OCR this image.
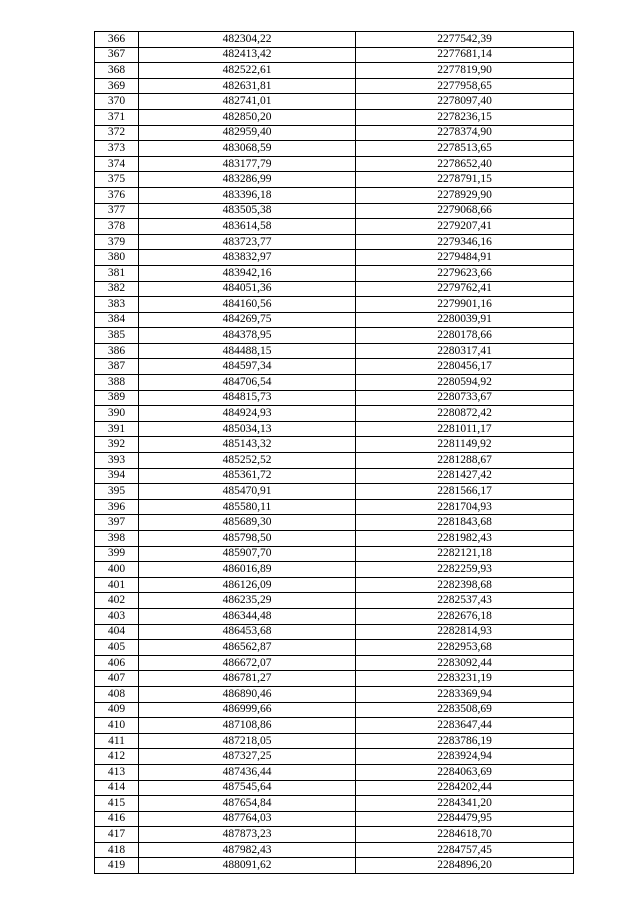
366	482304,22	2277542,39
367	482413,42	2277681,14
368	482522,61	2277819,90
369	482631,81	2277958,65
370	482741,01	2278097,40
371	482850,20	2278236,15
372	482959,40	2278374,90
373	483068,59	2278513,65
374	483177,79	2278652,40
375	483286,99	2278791,15
376	483396,18	2278929,90
377	483505,38	2279068,66
378	483614,58	2279207,41
379	483723,77	2279346,16
380	483832,97	2279484,91
381	483942,16	2279623,66
382	484051,36	2279762,41
383	484160,56	2279901,16
384	484269,75	2280039,91
385	484378,95	2280178,66
386	484488,15	2280317,41
387	484597,34	2280456,17
388	484706,54	2280594,92
389	484815,73	2280733,67
390	484924,93	2280872,42
391	485034,13	2281011,17
392	485143,32	2281149,92
393	485252,52	2281288,67
394	485361,72	2281427,42
395	485470,91	2281566,17
396	485580,11	2281704,93
397	485689,30	2281843,68
398	485798,50	2281982,43
399	485907,70	2282121,18
400	486016,89	2282259,93
401	486126,09	2282398,68
402	486235,29	2282537,43
403	486344,48	2282676,18
404	486453,68	2282814,93
405	486562,87	2282953,68
406	486672,07	2283092,44
407	486781,27	2283231,19
408	486890,46	2283369,94
409	486999,66	2283508,69
410	487108,86	2283647,44
411	487218,05	2283786,19
412	487327,25	2283924,94
413	487436,44	2284063,69
414	487545,64	2284202,44
415	487654,84	2284341,20
416	487764,03	2284479,95
417	487873,23	2284618,70
418	487982,43	2284757,45
419	488091,62	2284896,20
